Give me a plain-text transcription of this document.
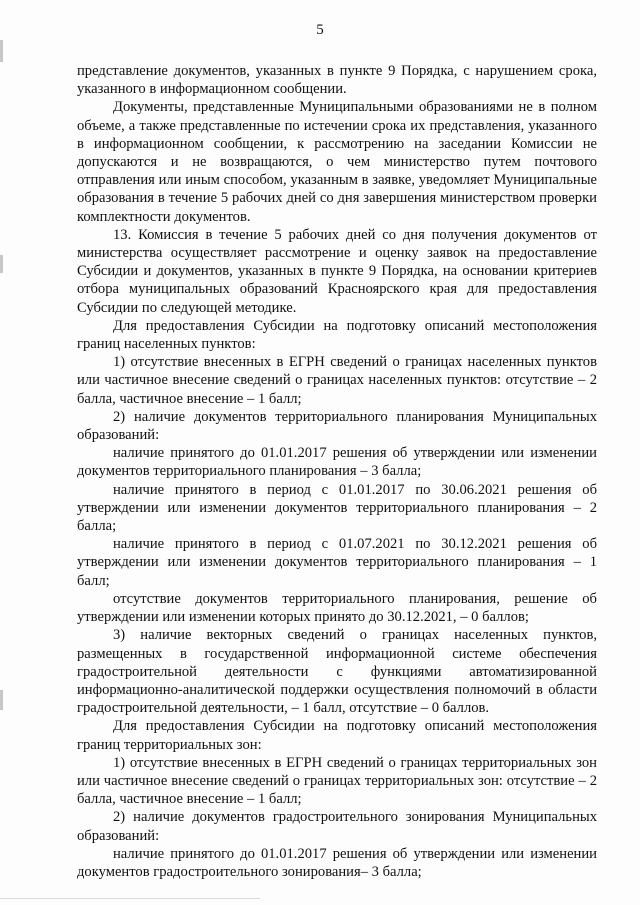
5

представление документов, указанных в пункте 9 Порядка, с нарушением срока, указанного в информационном сообщении.

Документы, представленные Муниципальными образованиями не в полном объеме, а также представленные по истечении срока их представления, указанного в информационном сообщении, к рассмотрению на заседании Комиссии не допускаются и не возвращаются, о чем министерство путем почтового отправления или иным способом, указанным в заявке, уведомляет Муниципальные образования в течение 5 рабочих дней со дня завершения министерством проверки комплектности документов.

13. Комиссия в течение 5 рабочих дней со дня получения документов от министерства осуществляет рассмотрение и оценку заявок на предоставление Субсидии и документов, указанных в пункте 9 Порядка, на основании критериев отбора муниципальных образований Красноярского края для предоставления Субсидии по следующей методике.

Для предоставления Субсидии на подготовку описаний местоположения границ населенных пунктов:

1) отсутствие внесенных в ЕГРН сведений о границах населенных пунктов или частичное внесение сведений о границах населенных пунктов: отсутствие – 2 балла, частичное внесение – 1 балл;

2) наличие документов территориального планирования Муниципальных образований:

наличие принятого до 01.01.2017 решения об утверждении или изменении документов территориального планирования – 3 балла;

наличие принятого в период с 01.01.2017 по 30.06.2021 решения об утверждении или изменении документов территориального планирования – 2 балла;

наличие принятого в период с 01.07.2021 по 30.12.2021 решения об утверждении или изменении документов территориального планирования – 1 балл;

отсутствие документов территориального планирования, решение об утверждении или изменении которых принято до 30.12.2021, – 0 баллов;

3) наличие векторных сведений о границах населенных пунктов, размещенных в государственной информационной системе обеспечения градостроительной деятельности с функциями автоматизированной информационно-аналитической поддержки осуществления полномочий в области градостроительной деятельности, – 1 балл, отсутствие – 0 баллов.

Для предоставления Субсидии на подготовку описаний местоположения границ территориальных зон:

1) отсутствие внесенных в ЕГРН сведений о границах территориальных зон или частичное внесение сведений о границах территориальных зон: отсутствие – 2 балла, частичное внесение – 1 балл;

2) наличие документов градостроительного зонирования Муниципальных образований:

наличие принятого до 01.01.2017 решения об утверждении или изменении документов градостроительного зонирования– 3 балла;
